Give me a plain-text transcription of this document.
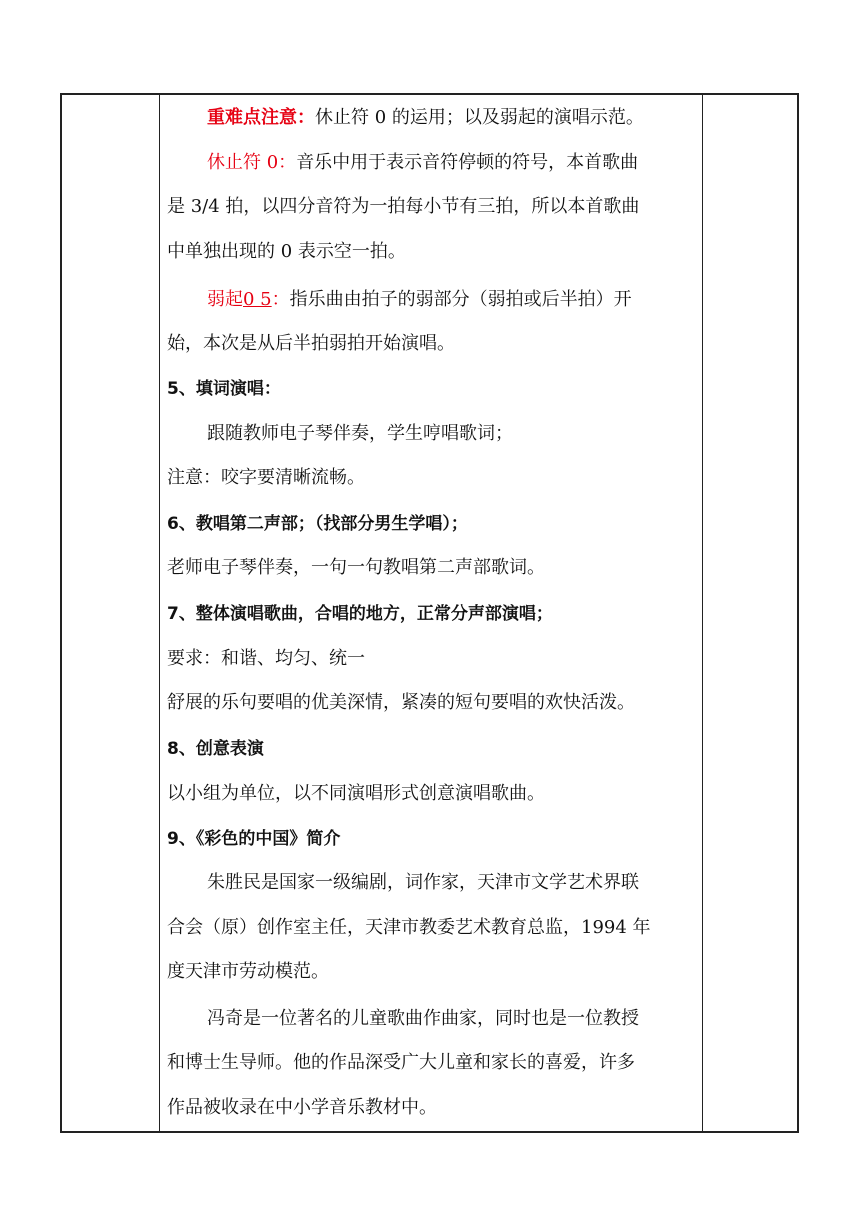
重难点注意：休止符 0 的运用；以及弱起的演唱示范。
休止符 0：音乐中用于表示音符停顿的符号，本首歌曲
是 3/4 拍，以四分音符为一拍每小节有三拍，所以本首歌曲
中单独出现的 0 表示空一拍。
弱起0 5：指乐曲由拍子的弱部分（弱拍或后半拍）开
始，本次是从后半拍弱拍开始演唱。
5、填词演唱：
跟随教师电子琴伴奏，学生哼唱歌词；
注意：咬字要清晰流畅。
6、教唱第二声部；（找部分男生学唱）；
老师电子琴伴奏，一句一句教唱第二声部歌词。
7、整体演唱歌曲，合唱的地方，正常分声部演唱；
要求：和谐、均匀、统一
舒展的乐句要唱的优美深情，紧凑的短句要唱的欢快活泼。
8、创意表演
以小组为单位，以不同演唱形式创意演唱歌曲。
9、《彩色的中国》简介
朱胜民是国家一级编剧，词作家，天津市文学艺术界联
合会（原）创作室主任，天津市教委艺术教育总监，1994 年
度天津市劳动模范。
冯奇是一位著名的儿童歌曲作曲家，同时也是一位教授
和博士生导师。他的作品深受广大儿童和家长的喜爱，许多
作品被收录在中小学音乐教材中。
